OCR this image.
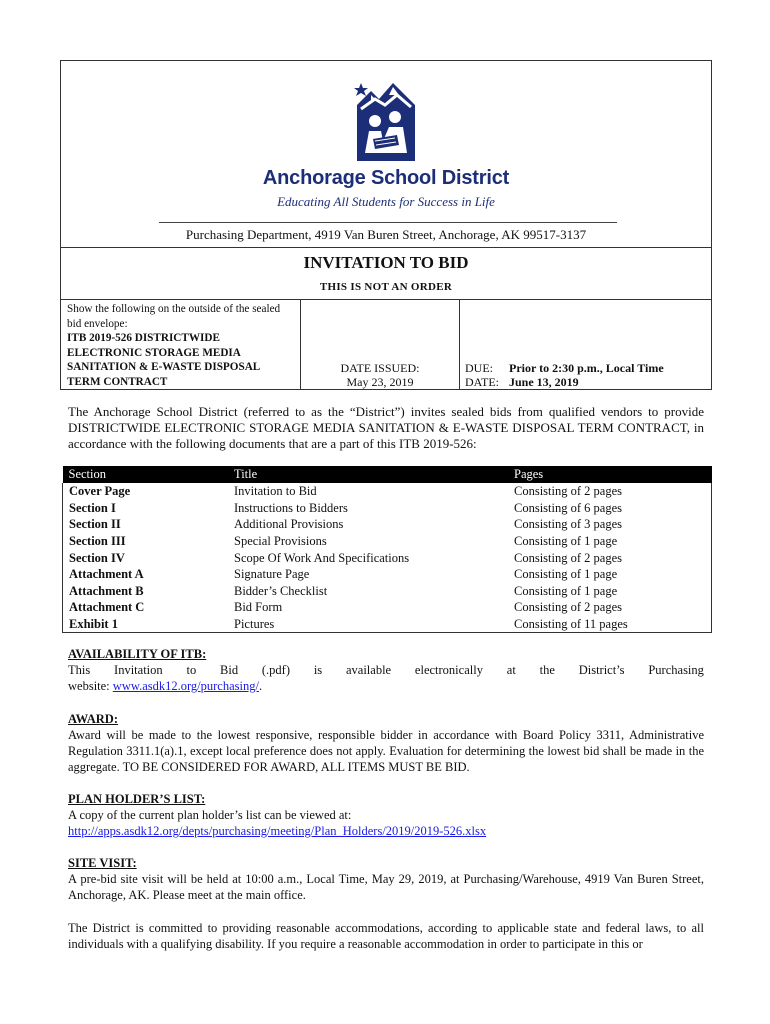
Anchorage School District
Educating All Students for Success in Life
Purchasing Department, 4919 Van Buren Street, Anchorage, AK 99517-3137
INVITATION TO BID
THIS IS NOT AN ORDER
Show the following on the outside of the sealed bid envelope:
ITB 2019-526 DISTRICTWIDE
ELECTRONIC STORAGE MEDIA
SANITATION & E-WASTE DISPOSAL
TERM CONTRACT
DATE ISSUED:
May 23, 2019
DUE: Prior to 2:30 p.m., Local Time
DATE: June 13, 2019
The Anchorage School District (referred to as the “District”) invites sealed bids from qualified vendors to provide DISTRICTWIDE ELECTRONIC STORAGE MEDIA SANITATION & E-WASTE DISPOSAL TERM CONTRACT, in accordance with the following documents that are a part of this ITB 2019-526:
Section	Title	Pages
Cover Page	Invitation to Bid	Consisting of 2 pages
Section I	Instructions to Bidders	Consisting of 6 pages
Section II	Additional Provisions	Consisting of 3 pages
Section III	Special Provisions	Consisting of 1 page
Section IV	Scope Of Work And Specifications	Consisting of 2 pages
Attachment A	Signature Page	Consisting of 1 page
Attachment B	Bidder’s Checklist	Consisting of 1 page
Attachment C	Bid Form	Consisting of 2 pages
Exhibit 1	Pictures	Consisting of 11 pages
AVAILABILITY OF ITB:
This Invitation to Bid (.pdf) is available electronically at the District’s Purchasing
website: www.asdk12.org/purchasing/.
AWARD:
Award will be made to the lowest responsive, responsible bidder in accordance with Board Policy 3311, Administrative Regulation 3311.1(a).1, except local preference does not apply. Evaluation for determining the lowest bid shall be made in the aggregate. TO BE CONSIDERED FOR AWARD, ALL ITEMS MUST BE BID.
PLAN HOLDER’S LIST:
A copy of the current plan holder’s list can be viewed at:
http://apps.asdk12.org/depts/purchasing/meeting/Plan_Holders/2019/2019-526.xlsx
SITE VISIT:
A pre-bid site visit will be held at 10:00 a.m., Local Time, May 29, 2019, at Purchasing/Warehouse, 4919 Van Buren Street, Anchorage, AK. Please meet at the main office.
The District is committed to providing reasonable accommodations, according to applicable state and federal laws, to all individuals with a qualifying disability. If you require a reasonable accommodation in order to participate in this or
